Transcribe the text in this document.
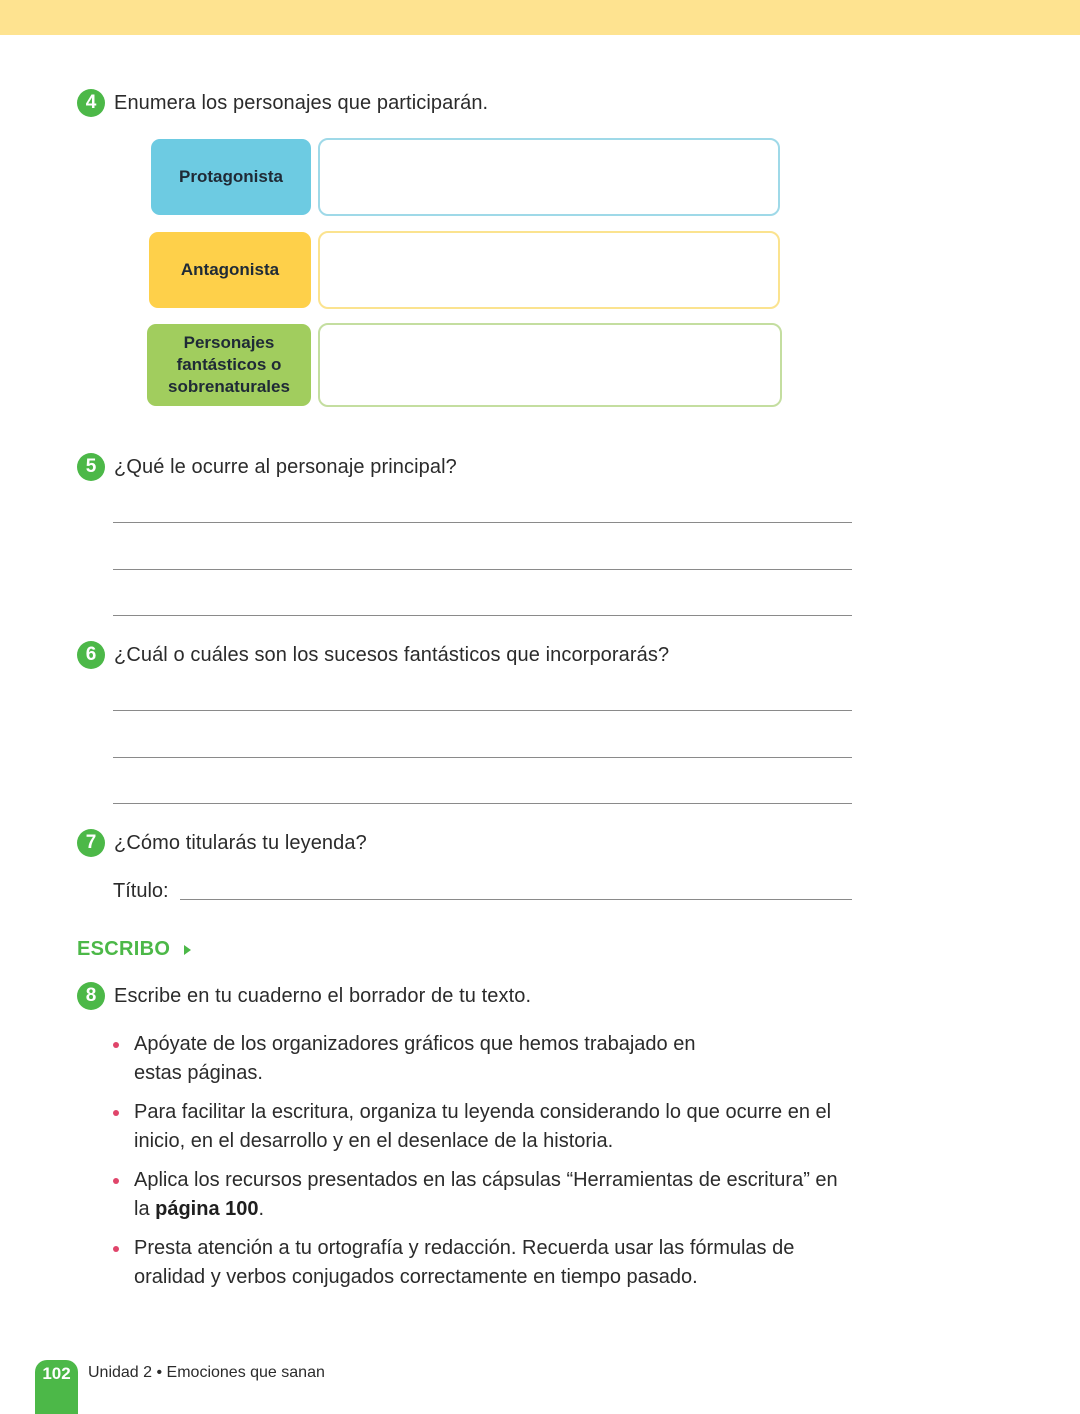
4 Enumera los personajes que participarán.
Protagonista
Antagonista
Personajes fantásticos o sobrenaturales
5 ¿Qué le ocurre al personaje principal?
6 ¿Cuál o cuáles son los sucesos fantásticos que incorporarás?
7 ¿Cómo titularás tu leyenda?
Título:
ESCRIBO
8 Escribe en tu cuaderno el borrador de tu texto.
Apóyate de los organizadores gráficos que hemos trabajado en estas páginas.
Para facilitar la escritura, organiza tu leyenda considerando lo que ocurre en el inicio, en el desarrollo y en el desenlace de la historia.
Aplica los recursos presentados en las cápsulas “Herramientas de escritura” en la página 100.
Presta atención a tu ortografía y redacción. Recuerda usar las fórmulas de oralidad y verbos conjugados correctamente en tiempo pasado.
102	Unidad 2 • Emociones que sanan
